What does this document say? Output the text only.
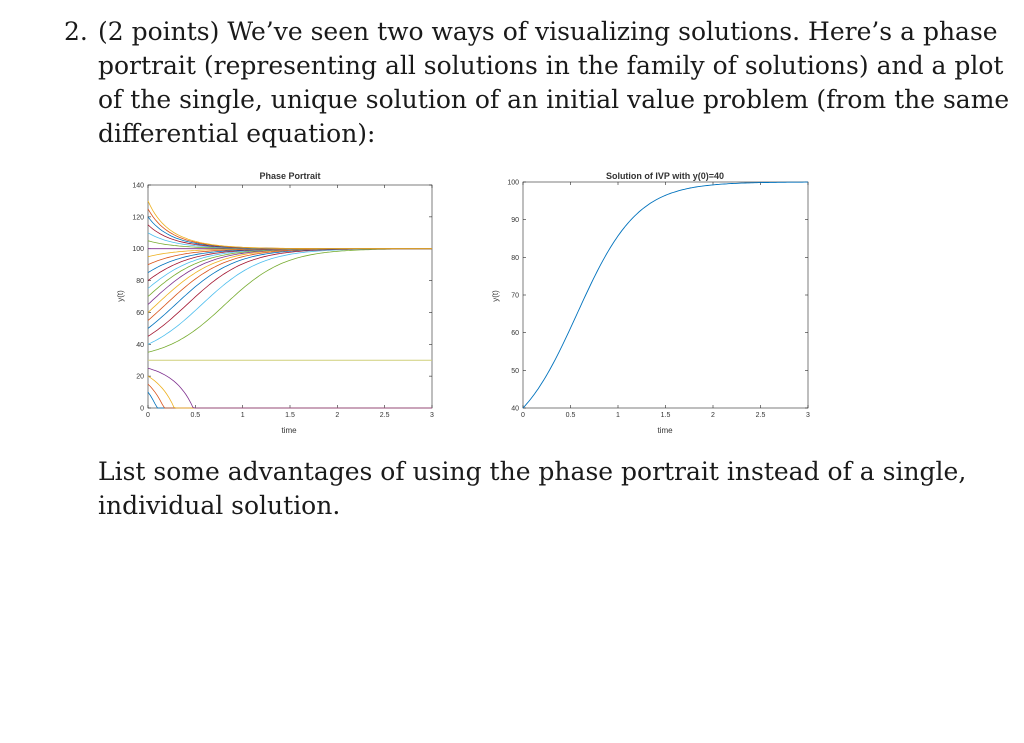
2. (2 points) We’ve seen two ways of visualizing solutions. Here’s a phase
portrait (representing all solutions in the family of solutions) and a plot
of the single, unique solution of an initial value problem (from the same
differential equation):
Phase Portrait
time
y(t)
0	0.5	1	1.5	2	2.5	3
0
20
40
60
80
100
120
140
Solution of IVP with y(0)=40
time
y(t)
0	0.5	1	1.5	2	2.5	3
40
50
60
70
80
90
100
List some advantages of using the phase portrait instead of a single,
individual solution.
